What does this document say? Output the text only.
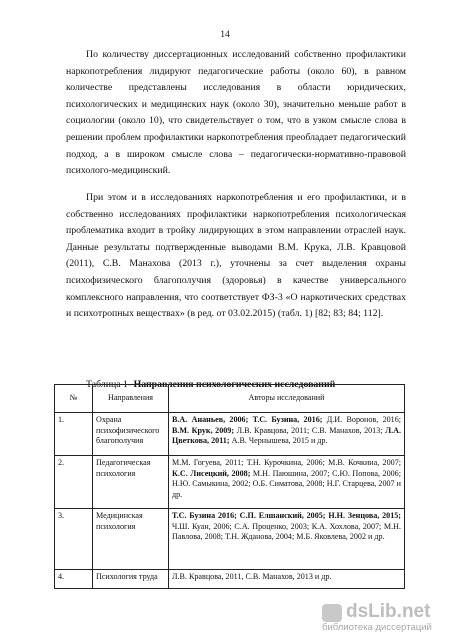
14

По количеству диссертационных исследований собственно профилактики наркопотребления лидируют педагогические работы (около 60), в равном количестве представлены исследования в области юридических, психологических и медицинских наук (около 30), значительно меньше работ в социологии (около 10), что свидетельствует о том, что в узком смысле слова в решении проблем профилактики наркопотребления преобладает педагогический подход, а в широком смысле слова – педагогически-нормативно-правовой психолого-медицинский.

При этом и в исследованиях наркопотребления и его профилактики, и в собственно исследованиях профилактики наркопотребления психологическая проблематика входит в тройку лидирующих в этом направлении отраслей наук. Данные результаты подтвержденные выводами В.М. Крука, Л.В. Кравцовой (2011), С.В. Манахова (2013 г.), уточнены за счет выделения охраны психофизического благополучия (здоровья) в качестве универсального комплексного направления, что соответствует ФЗ-3 «О наркотических средствах и психотропных веществах» (в ред. от 03.02.2015) (табл. 1) [82; 83; 84; 112].

Таблица 1- Направления психологических исследований
№	Направления	Авторы исследований
1.	Охрана психофизического благополучия	В.А. Ананьев, 2006; Т.С. Бузина, 2016; Д.И. Воронов, 2016; В.М. Крук, 2009; Л.В. Кравцова, 2011; С.В. Манахов, 2013; Л.А. Цветкова, 2011; А.В. Чернышева, 2015 и др.
2.	Педагогическая психология	М.М. Гогуева, 2011; Т.Н. Курочкина, 2006; М.В. Кочкина, 2007; К.С. Лисецкий, 2008; М.Н. Паюшина, 2007; С.Ю. Попова, 2006; Н.Ю. Самыкина, 2002; О.Б. Симатова, 2008; Н.Г. Старцева, 2007 и др.
3.	Медицинская психология	Т.С. Бузина 2016; С.П. Елшанский, 2005; Н.Н. Зенцова, 2015; Ч.Ш. Куан, 2006; С.А. Проценко, 2003; К.А. Хохлова, 2007; М.Н. Павлова, 2008; Т.Н. Жданова, 2004; М.Б. Яковлева, 2002 и др.
4.	Психология труда	Л.В. Кравцова, 2011, С.В. Манахов, 2013 и др.
dsLib.net
библиотека диссертаций
